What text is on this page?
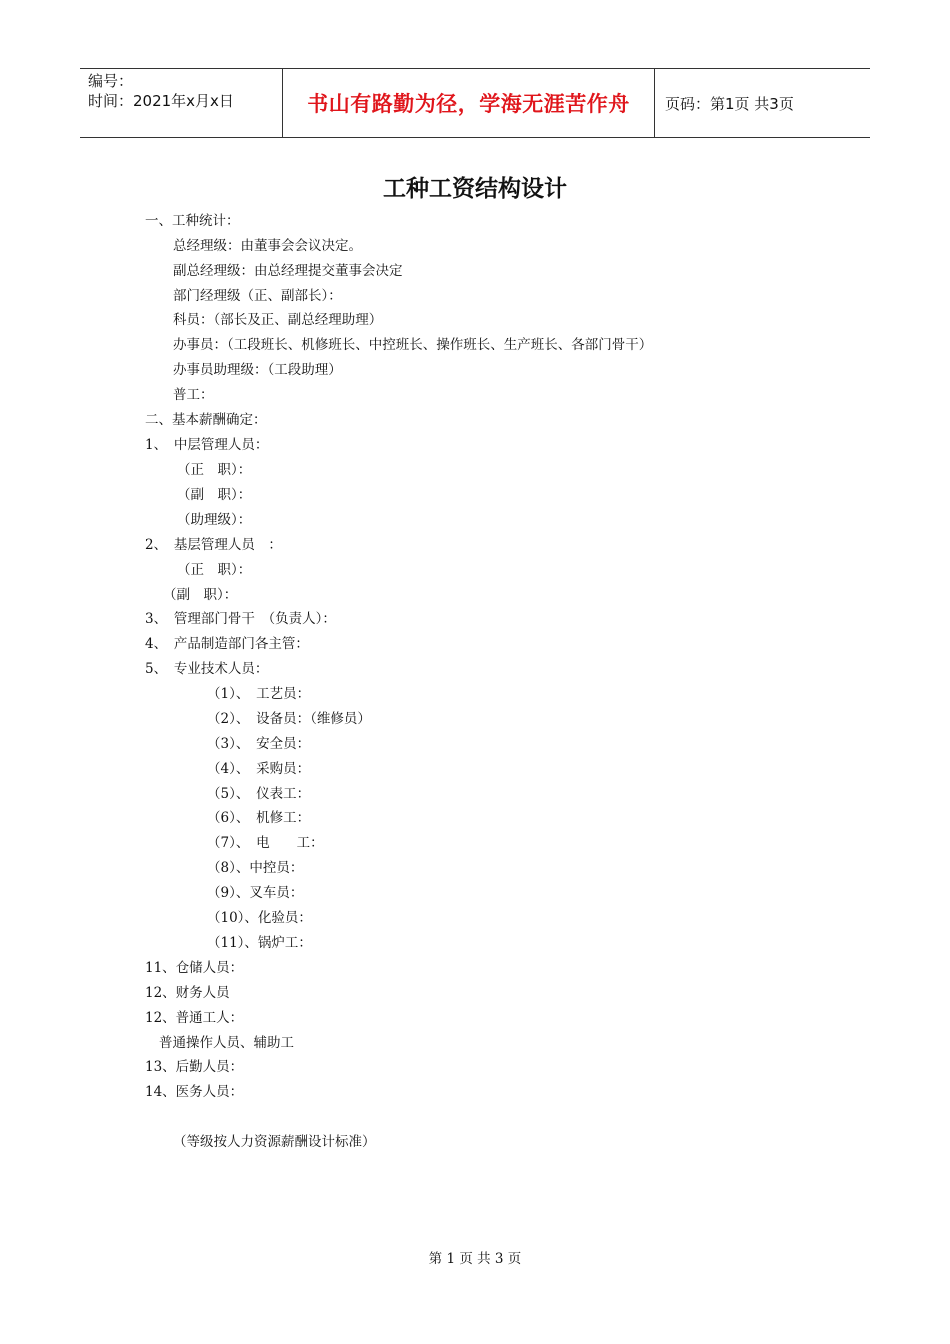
编号：
时间：2021年x月x日	书山有路勤为径，学海无涯苦作舟 页码：第1页 共3页
工种工资结构设计
一、工种统计：
总经理级：由董事会会议决定。
副总经理级：由总经理提交董事会决定
部门经理级（正、副部长）：
科员：（部长及正、副总经理助理）
办事员：（工段班长、机修班长、中控班长、操作班长、生产班长、各部门骨干）
办事员助理级：（工段助理）
普工：
二、基本薪酬确定：
1、　中层管理人员：
（正　职）：
（副　职）：
（助理级）：
2、　基层管理人员　：
（正　职）：
（副　职）：
3、　管理部门骨干　（负责人）：
4、　产品制造部门各主管：
5、　专业技术人员：
（1）、　工艺员：
（2）、　设备员：（维修员）
（3）、　安全员：
（4）、　采购员：
（5）、　仪表工：
（6）、　机修工：
（7）、　电　　工：
（8）、中控员：
（9）、叉车员：
（10）、化验员：
（11）、锅炉工：
11、仓储人员：
12、财务人员
12、普通工人：
普通操作人员、辅助工
13、后勤人员：
14、医务人员：
（等级按人力资源薪酬设计标准）
第 1 页 共 3 页
